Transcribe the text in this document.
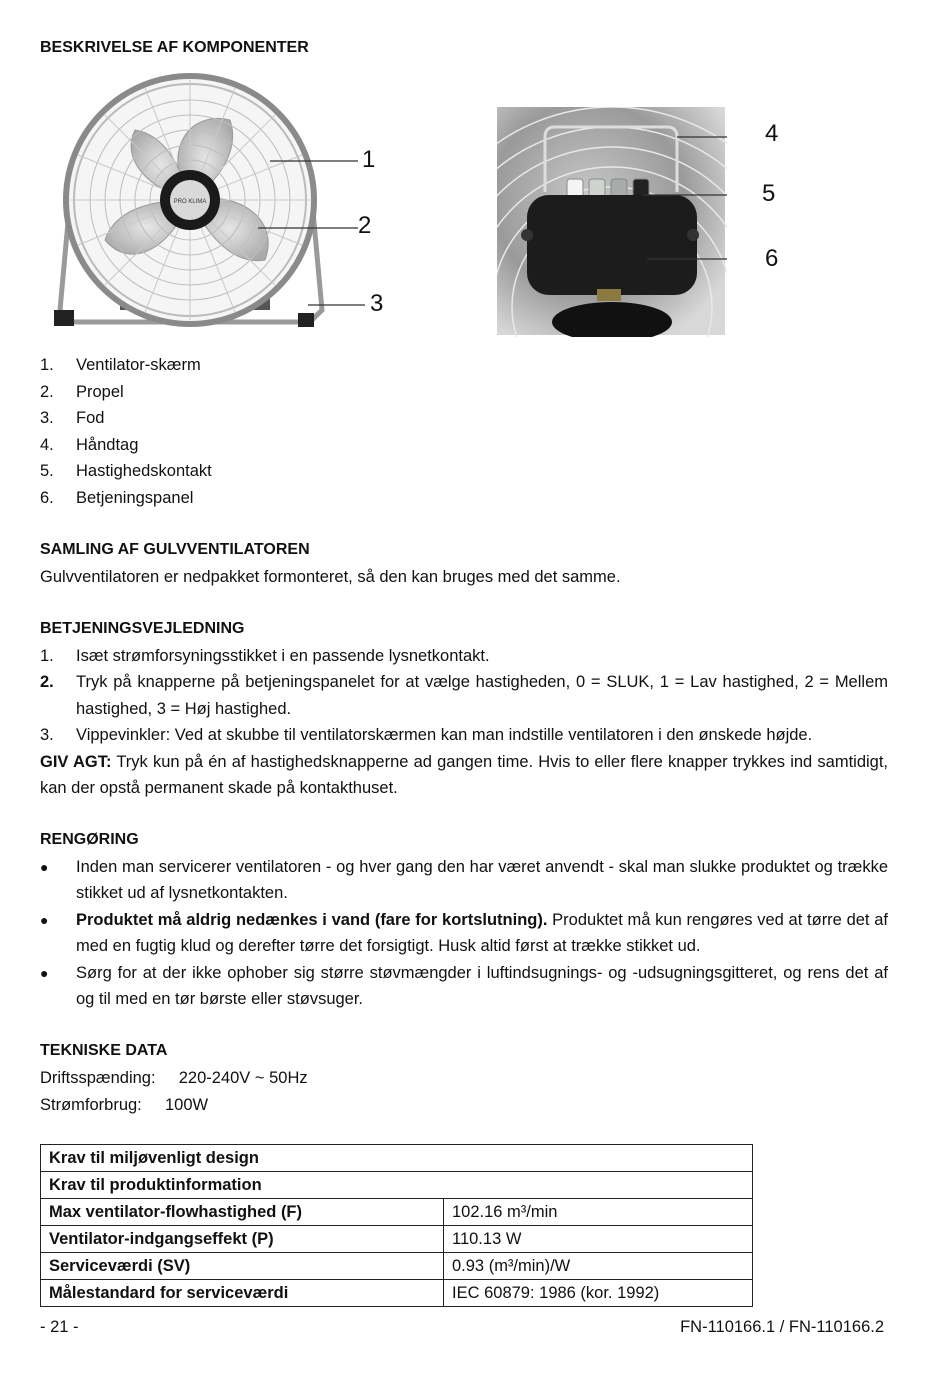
BESKRIVELSE AF KOMPONENTER
PRO KLIMA
1
2
3
4
5
6
1.	Ventilator-skærm
2.	Propel
3.	Fod
4.	Håndtag
5.	Hastighedskontakt
6.	Betjeningspanel
SAMLING AF GULVVENTILATOREN
Gulvventilatoren er nedpakket formonteret, så den kan bruges med det samme.
BETJENINGSVEJLEDNING
1.	Isæt strømforsyningsstikket i en passende lysnetkontakt.
2.	Tryk på knapperne på betjeningspanelet for at vælge hastigheden, 0 = SLUK, 1 = Lav hastighed, 2 = Mellem hastighed, 3 = Høj hastighed.
3.	Vippevinkler: Ved at skubbe til ventilatorskærmen kan man indstille ventilatoren i den ønskede højde.
GIV AGT: Tryk kun på én af hastighedsknapperne ad gangen time. Hvis to eller flere knapper trykkes ind samtidigt, kan der opstå permanent skade på kontakthuset.
RENGØRING
●	Inden man servicerer ventilatoren - og hver gang den har været anvendt - skal man slukke produktet og trække stikket ud af lysnetkontakten.
●	Produktet må aldrig nedænkes i vand (fare for kortslutning). Produktet må kun rengøres ved at tørre det af med en fugtig klud og derefter tørre det forsigtigt. Husk altid først at trække stikket ud.
●	Sørg for at der ikke ophober sig større støvmængder i luftindsugnings- og -udsugningsgitteret, og rens det af og til med en tør børste eller støvsuger.
TEKNISKE DATA
Driftsspænding: 220-240V ~ 50Hz
Strømforbrug: 100W
Krav til miljøvenligt design	
Krav til produktinformation	
Max ventilator-flowhastighed (F)	102.16 m³/min
Ventilator-indgangseffekt (P)	110.13 W
Serviceværdi (SV)	0.93 (m³/min)/W
Målestandard for serviceværdi	IEC 60879: 1986 (kor. 1992)
- 21 -	FN-110166.1 / FN-110166.2
